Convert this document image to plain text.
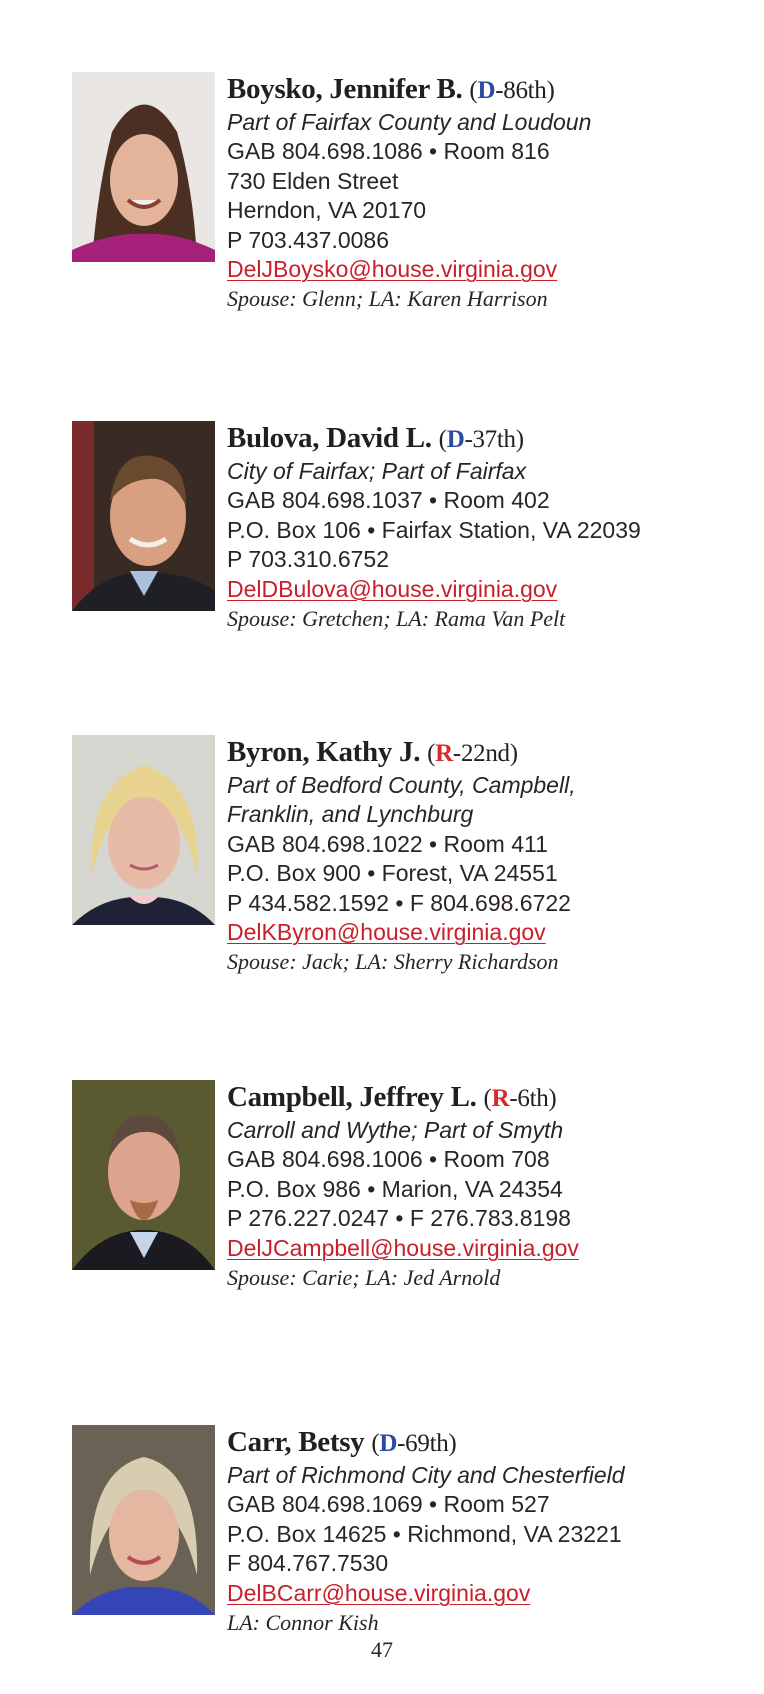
Boysko, Jennifer B. (D-86th)
Part of Fairfax County and Loudoun
GAB 804.698.1086 • Room 816
730 Elden Street
Herndon, VA 20170
P 703.437.0086
DelJBoysko@house.virginia.gov
Spouse: Glenn; LA: Karen Harrison
Bulova, David L. (D-37th)
City of Fairfax; Part of Fairfax
GAB 804.698.1037 • Room 402
P.O. Box 106 • Fairfax Station, VA 22039
P 703.310.6752
DelDBulova@house.virginia.gov
Spouse: Gretchen; LA: Rama Van Pelt
Byron, Kathy J. (R-22nd)
Part of Bedford County, Campbell,
Franklin, and Lynchburg
GAB 804.698.1022 • Room 411
P.O. Box 900 • Forest, VA 24551
P 434.582.1592 • F 804.698.6722
DelKByron@house.virginia.gov
Spouse: Jack; LA: Sherry Richardson
Campbell, Jeffrey L. (R-6th)
Carroll and Wythe; Part of Smyth
GAB 804.698.1006 • Room 708
P.O. Box 986 • Marion, VA 24354
P 276.227.0247 • F 276.783.8198
DelJCampbell@house.virginia.gov
Spouse: Carie; LA: Jed Arnold
Carr, Betsy (D-69th)
Part of Richmond City and Chesterfield
GAB 804.698.1069 • Room 527
P.O. Box 14625 • Richmond, VA 23221
F 804.767.7530
DelBCarr@house.virginia.gov
LA: Connor Kish
47
